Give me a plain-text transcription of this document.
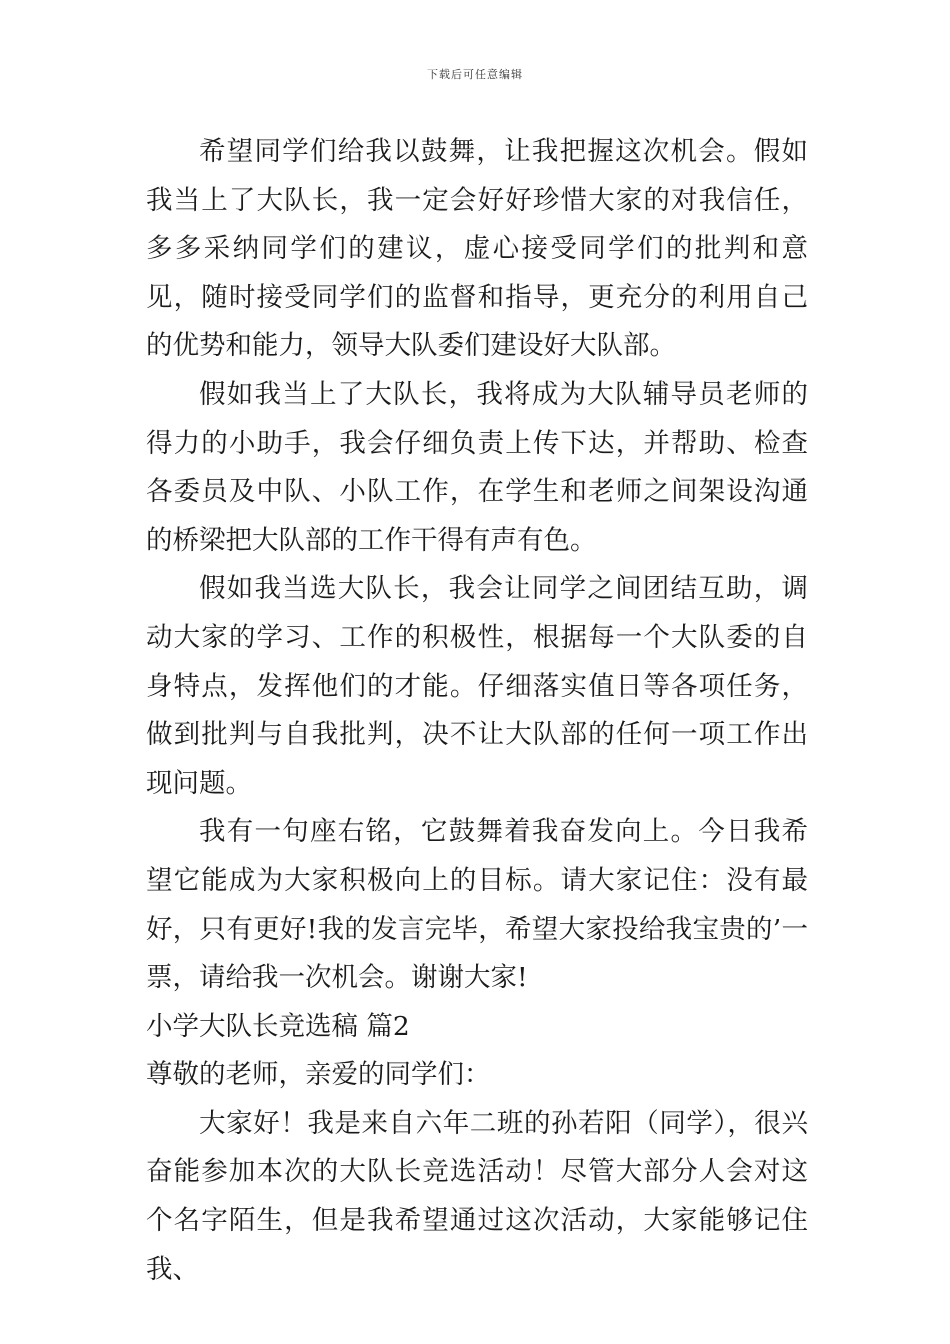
下载后可任意编辑

希望同学们给我以鼓舞，让我把握这次机会。假如我当上了大队长，我一定会好好珍惜大家的对我信任，多多采纳同学们的建议，虚心接受同学们的批判和意见，随时接受同学们的监督和指导，更充分的利用自己的优势和能力，领导大队委们建设好大队部。

假如我当上了大队长，我将成为大队辅导员老师的得力的小助手，我会仔细负责上传下达，并帮助、检查各委员及中队、小队工作，在学生和老师之间架设沟通的桥梁把大队部的工作干得有声有色。

假如我当选大队长，我会让同学之间团结互助，调动大家的学习、工作的积极性，根据每一个大队委的自身特点，发挥他们的才能。仔细落实值日等各项任务，做到批判与自我批判，决不让大队部的任何一项工作出现问题。

我有一句座右铭，它鼓舞着我奋发向上。今日我希望它能成为大家积极向上的目标。请大家记住：没有最好，只有更好!我的发言完毕，希望大家投给我宝贵的’一票，请给我一次机会。谢谢大家!

小学大队长竞选稿 篇2

尊敬的老师，亲爱的同学们：

大家好！我是来自六年二班的孙若阳（同学），很兴奋能参加本次的大队长竞选活动！尽管大部分人会对这个名字陌生，但是我希望通过这次活动，大家能够记住我、
